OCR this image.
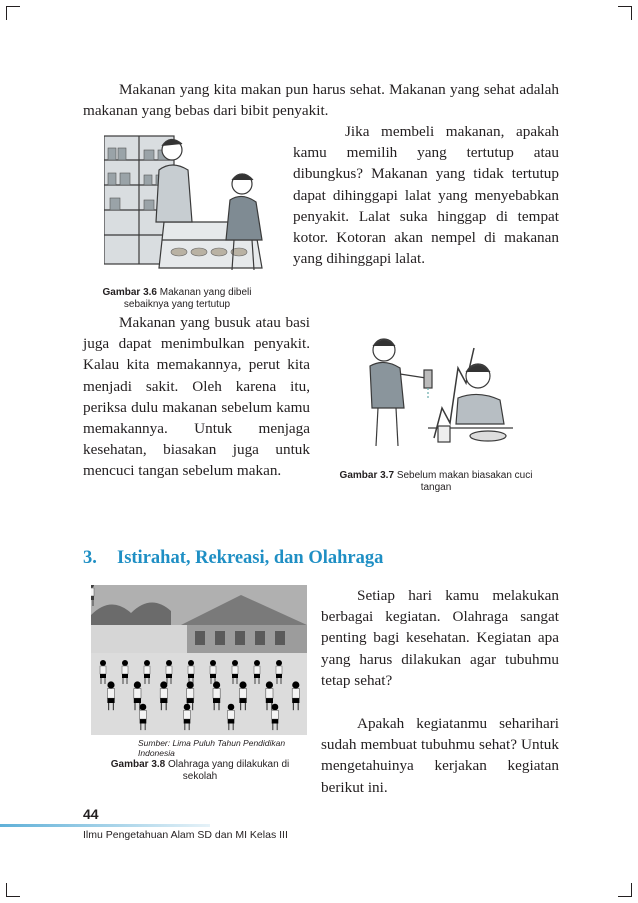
Makanan yang kita makan pun harus sehat. Makanan yang sehat adalah makanan yang bebas dari bibit penyakit.

Gambar 3.6 Makanan yang dibeli sebaiknya yang tertutup

Jika membeli makanan, apakah kamu memilih yang tertutup atau dibungkus? Makanan yang tidak tertutup dapat dihinggapi lalat yang menyebabkan penyakit. Lalat suka hinggap di tempat kotor. Kotoran akan nempel di makanan yang dihinggapi lalat.

Makanan yang busuk atau basi juga dapat menimbulkan penyakit. Kalau kita memakannya, perut kita menjadi sakit. Oleh karena itu, periksa dulu makanan sebelum kamu memakannya. Untuk menjaga kesehatan, biasakan juga untuk mencuci tangan sebelum makan.	Gambar 3.7 Sebelum makan biasakan cuci tangan
3. Istirahat, Rekreasi, dan Olahraga
Sumber: Lima Puluh Tahun Pendidikan Indonesia
Gambar 3.8 Olahraga yang dilakukan di sekolah

Setiap hari kamu melakukan berbagai kegiatan. Olahraga sangat penting bagi kesehatan. Kegiatan apa yang harus dilakukan agar tubuhmu tetap sehat?

Apakah kegiatanmu seharihari sudah membuat tubuhmu sehat? Untuk mengetahuinya kerjakan kegiatan berikut ini.

44
Ilmu Pengetahuan Alam SD dan MI Kelas III
